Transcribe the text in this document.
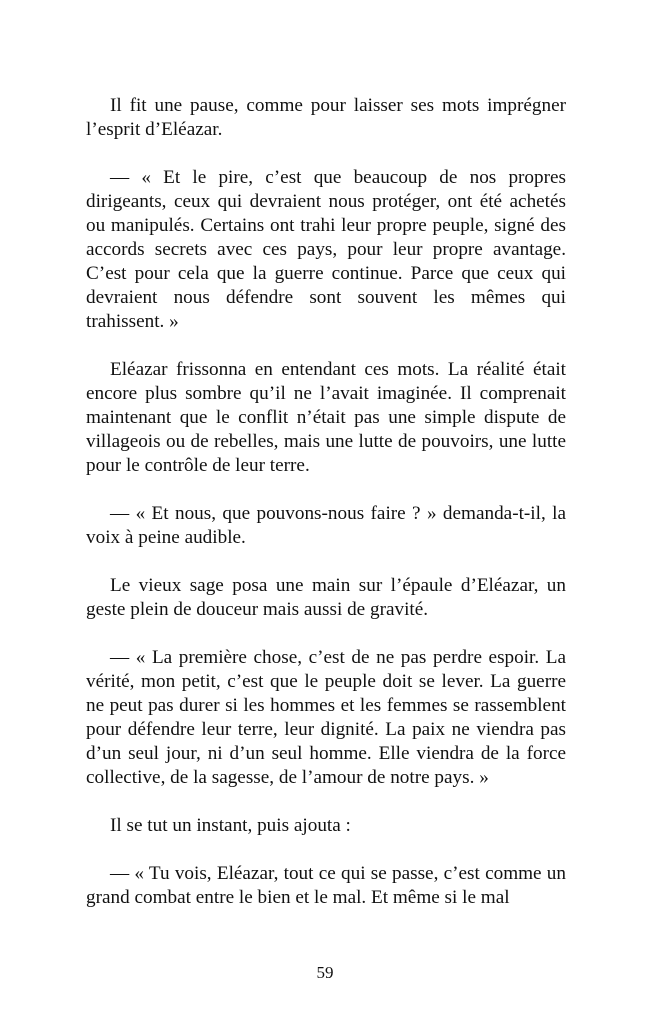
Il fit une pause, comme pour laisser ses mots imprégner l’esprit d’Eléazar.

— « Et le pire, c’est que beaucoup de nos propres dirigeants, ceux qui devraient nous protéger, ont été achetés ou manipulés. Certains ont trahi leur propre peuple, signé des accords secrets avec ces pays, pour leur propre avantage. C’est pour cela que la guerre continue. Parce que ceux qui devraient nous défendre sont souvent les mêmes qui trahissent. »

Eléazar frissonna en entendant ces mots. La réalité était encore plus sombre qu’il ne l’avait imaginée. Il comprenait maintenant que le conflit n’était pas une simple dispute de villageois ou de rebelles, mais une lutte de pouvoirs, une lutte pour le contrôle de leur terre.

— « Et nous, que pouvons-nous faire ? » demanda-t-il, la voix à peine audible.

Le vieux sage posa une main sur l’épaule d’Eléazar, un geste plein de douceur mais aussi de gravité.

— « La première chose, c’est de ne pas perdre espoir. La vérité, mon petit, c’est que le peuple doit se lever. La guerre ne peut pas durer si les hommes et les femmes se rassemblent pour défendre leur terre, leur dignité. La paix ne viendra pas d’un seul jour, ni d’un seul homme. Elle viendra de la force collective, de la sagesse, de l’amour de notre pays. »

Il se tut un instant, puis ajouta :

— « Tu vois, Eléazar, tout ce qui se passe, c’est comme un grand combat entre le bien et le mal. Et même si le mal

59
